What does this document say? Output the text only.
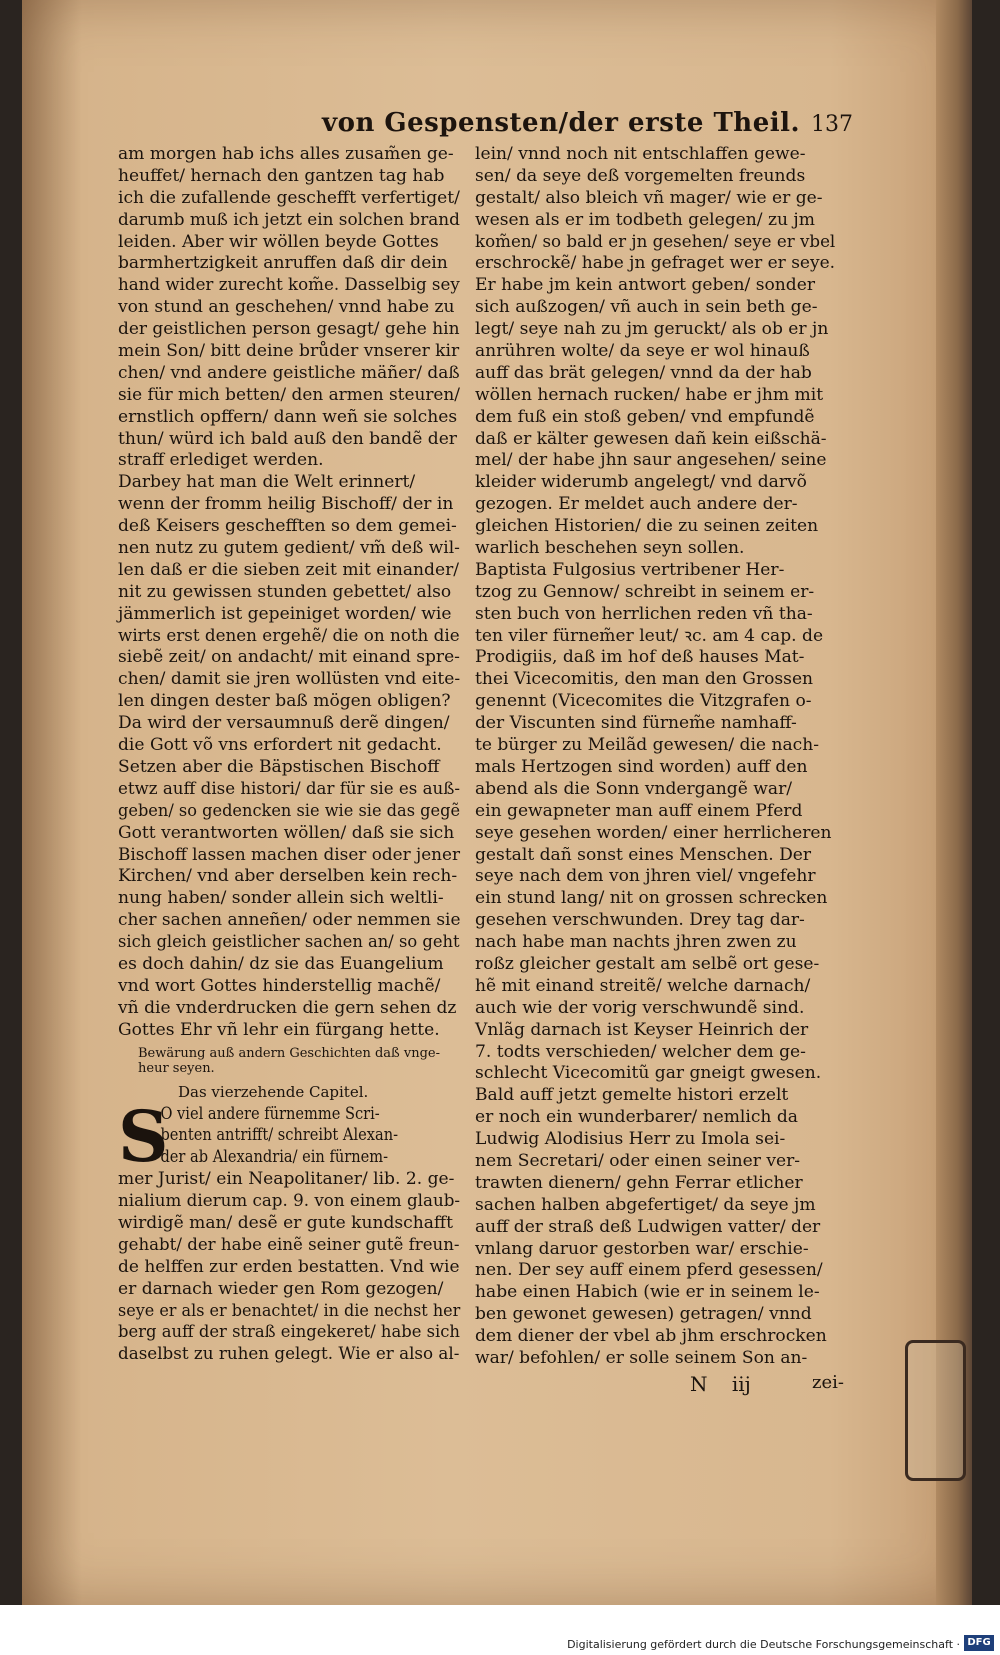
von Gespensten/der erste Theil. 137
am morgen hab ichs alles zusam̃en ge-
heuffet/ hernach den gantzen tag hab
ich die zufallende geschefft verfertiget/
darumb muß ich jetzt ein solchen brand
leiden. Aber wir wöllen beyde Gottes
barmhertzigkeit anruffen daß dir dein
hand wider zurecht kom̃e. Dasselbig sey
von stund an geschehen/ vnnd habe zu
der geistlichen person gesagt/ gehe hin
mein Son/ bitt deine brůder vnserer kir
chen/ vnd andere geistliche mäñer/ daß
sie für mich betten/ den armen steuren/
ernstlich opffern/ dann weñ sie solches
thun/ würd ich bald auß den bandẽ der
straff erlediget werden.
Darbey hat man die Welt erinnert/
wenn der fromm heilig Bischoff/ der in
deß Keisers geschefften so dem gemei-
nen nutz zu gutem gedient/ vm̃ deß wil-
len daß er die sieben zeit mit einander/
nit zu gewissen stunden gebettet/ also
jämmerlich ist gepeiniget worden/ wie
wirts erst denen ergehẽ/ die on noth die
siebẽ zeit/ on andacht/ mit einand spre-
chen/ damit sie jren wollüsten vnd eite-
len dingen dester baß mögen obligen?
Da wird der versaumnuß derẽ dingen/
die Gott võ vns erfordert nit gedacht.
Setzen aber die Bäpstischen Bischoff
etwz auff dise histori/ dar für sie es auß-
geben/ so gedencken sie wie sie das gegẽ
Gott verantworten wöllen/ daß sie sich
Bischoff lassen machen diser oder jener
Kirchen/ vnd aber derselben kein rech-
nung haben/ sonder allein sich weltli-
cher sachen anneñen/ oder nemmen sie
sich gleich geistlicher sachen an/ so geht
es doch dahin/ dz sie das Euangelium
vnd wort Gottes hinderstellig machẽ/
vñ die vnderdrucken die gern sehen dz
Gottes Ehr vñ lehr ein fürgang hette.
Bewärung auß andern Geschichten daß vnge-
heur seyen.
Das vierzehende Capitel.
O viel andere fürnemme Scri-
benten antrifft/ schreibt Alexan-
der ab Alexandria/ ein fürnem-
mer Jurist/ ein Neapolitaner/ lib. 2. ge-
nialium dierum cap. 9. von einem glaub-
wirdigẽ man/ desẽ er gute kundschafft
gehabt/ der habe einẽ seiner gutẽ freun-
de helffen zur erden bestatten. Vnd wie
er darnach wieder gen Rom gezogen/
seye er als er benachtet/ in die nechst her
berg auff der straß eingekeret/ habe sich
daselbst zu ruhen gelegt. Wie er also al-
S
lein/ vnnd noch nit entschlaffen gewe-
sen/ da seye deß vorgemelten freunds
gestalt/ also bleich vñ mager/ wie er ge-
wesen als er im todbeth gelegen/ zu jm
kom̃en/ so bald er jn gesehen/ seye er vbel
erschrockẽ/ habe jn gefraget wer er seye.
Er habe jm kein antwort geben/ sonder
sich außzogen/ vñ auch in sein beth ge-
legt/ seye nah zu jm geruckt/ als ob er jn
anrühren wolte/ da seye er wol hinauß
auff das brät gelegen/ vnnd da der hab
wöllen hernach rucken/ habe er jhm mit
dem fuß ein stoß geben/ vnd empfundẽ
daß er kälter gewesen dañ kein eißschä-
mel/ der habe jhn saur angesehen/ seine
kleider widerumb angelegt/ vnd darvõ
gezogen. Er meldet auch andere der-
gleichen Historien/ die zu seinen zeiten
warlich beschehen seyn sollen.
Baptista Fulgosius vertribener Her-
tzog zu Gennow/ schreibt in seinem er-
sten buch von herrlichen reden vñ tha-
ten viler fürnem̃er leut/ ꝛc. am 4 cap. de
Prodigiis, daß im hof deß hauses Mat-
thei Vicecomitis, den man den Grossen
genennt (Vicecomites die Vitzgrafen o-
der Viscunten sind fürnem̃e namhaff-
te bürger zu Meilãd gewesen/ die nach-
mals Hertzogen sind worden) auff den
abend als die Sonn vndergangẽ war/
ein gewapneter man auff einem Pferd
seye gesehen worden/ einer herrlicheren
gestalt dañ sonst eines Menschen. Der
seye nach dem von jhren viel/ vngefehr
ein stund lang/ nit on grossen schrecken
gesehen verschwunden. Drey tag dar-
nach habe man nachts jhren zwen zu
roßz gleicher gestalt am selbẽ ort gese-
hẽ mit einand streitẽ/ welche darnach/
auch wie der vorig verschwundẽ sind.
Vnlãg darnach ist Keyser Heinrich der
7. todts verschieden/ welcher dem ge-
schlecht Vicecomitũ gar gneigt gwesen.
Bald auff jetzt gemelte histori erzelt
er noch ein wunderbarer/ nemlich da
Ludwig Alodisius Herr zu Imola sei-
nem Secretari/ oder einen seiner ver-
trawten dienern/ gehn Ferrar etlicher
sachen halben abgefertiget/ da seye jm
auff der straß deß Ludwigen vatter/ der
vnlang daruor gestorben war/ erschie-
nen. Der sey auff einem pferd gesessen/
habe einen Habich (wie er in seinem le-
ben gewonet gewesen) getragen/ vnnd
dem diener der vbel ab jhm erschrocken
war/ befohlen/ er solle seinem Son an-
N iij	zei-
Digitalisierung gefördert durch die Deutsche Forschungsgemeinschaft · DFG
